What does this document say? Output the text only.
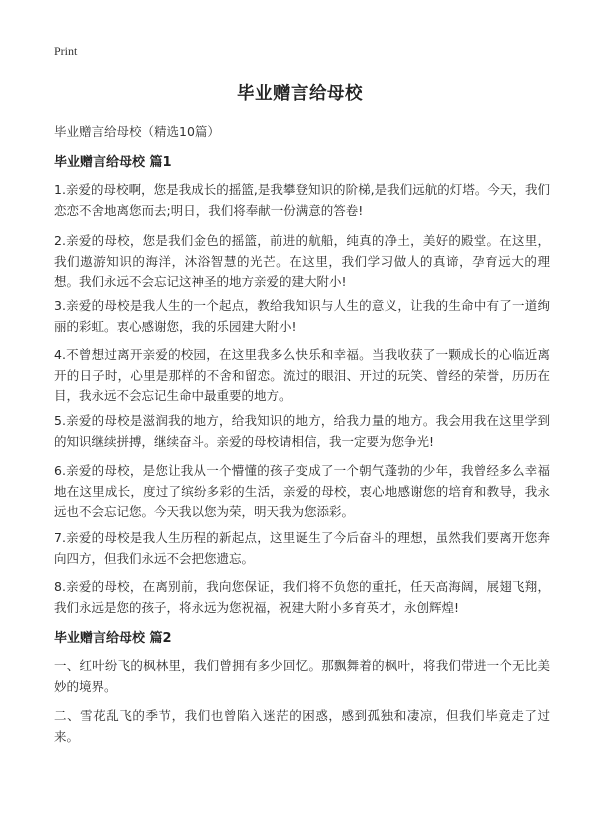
Print
毕业赠言给母校
毕业赠言给母校（精选10篇）
毕业赠言给母校 篇1

1.亲爱的母校啊，您是我成长的摇篮,是我攀登知识的阶梯,是我们远航的灯塔。今天，我们恋恋不舍地离您而去;明日，我们将奉献一份满意的答卷!

2.亲爱的母校，您是我们金色的摇篮，前进的航船，纯真的净土，美好的殿堂。在这里，我们遨游知识的海洋，沐浴智慧的光芒。在这里，我们学习做人的真谛，孕育远大的理想。我们永远不会忘记这神圣的地方亲爱的建大附小!

3.亲爱的母校是我人生的一个起点，教给我知识与人生的意义，让我的生命中有了一道绚丽的彩虹。衷心感谢您，我的乐园建大附小!

4.不曾想过离开亲爱的校园，在这里我多么快乐和幸福。当我收获了一颗成长的心临近离开的日子时，心里是那样的不舍和留恋。流过的眼泪、开过的玩笑、曾经的荣誉，历历在目，我永远不会忘记生命中最重要的地方。

5.亲爱的母校是滋润我的地方，给我知识的地方，给我力量的地方。我会用我在这里学到的知识继续拼搏，继续奋斗。亲爱的母校请相信，我一定要为您争光!

6.亲爱的母校，是您让我从一个懵懂的孩子变成了一个朝气蓬勃的少年，我曾经多么幸福地在这里成长，度过了缤纷多彩的生活，亲爱的母校，衷心地感谢您的培育和教导，我永远也不会忘记您。今天我以您为荣，明天我为您添彩。

7.亲爱的母校是我人生历程的新起点，这里诞生了今后奋斗的理想，虽然我们要离开您奔向四方，但我们永远不会把您遗忘。

8.亲爱的母校，在离别前，我向您保证，我们将不负您的重托，任天高海阔，展翅飞翔，我们永远是您的孩子，将永远为您祝福，祝建大附小多育英才，永创辉煌!

毕业赠言给母校 篇2

一、红叶纷飞的枫林里，我们曾拥有多少回忆。那飘舞着的枫叶，将我们带进一个无比美妙的境界。

二、雪花乱飞的季节，我们也曾陷入迷茫的困惑，感到孤独和凄凉，但我们毕竟走了过来。
